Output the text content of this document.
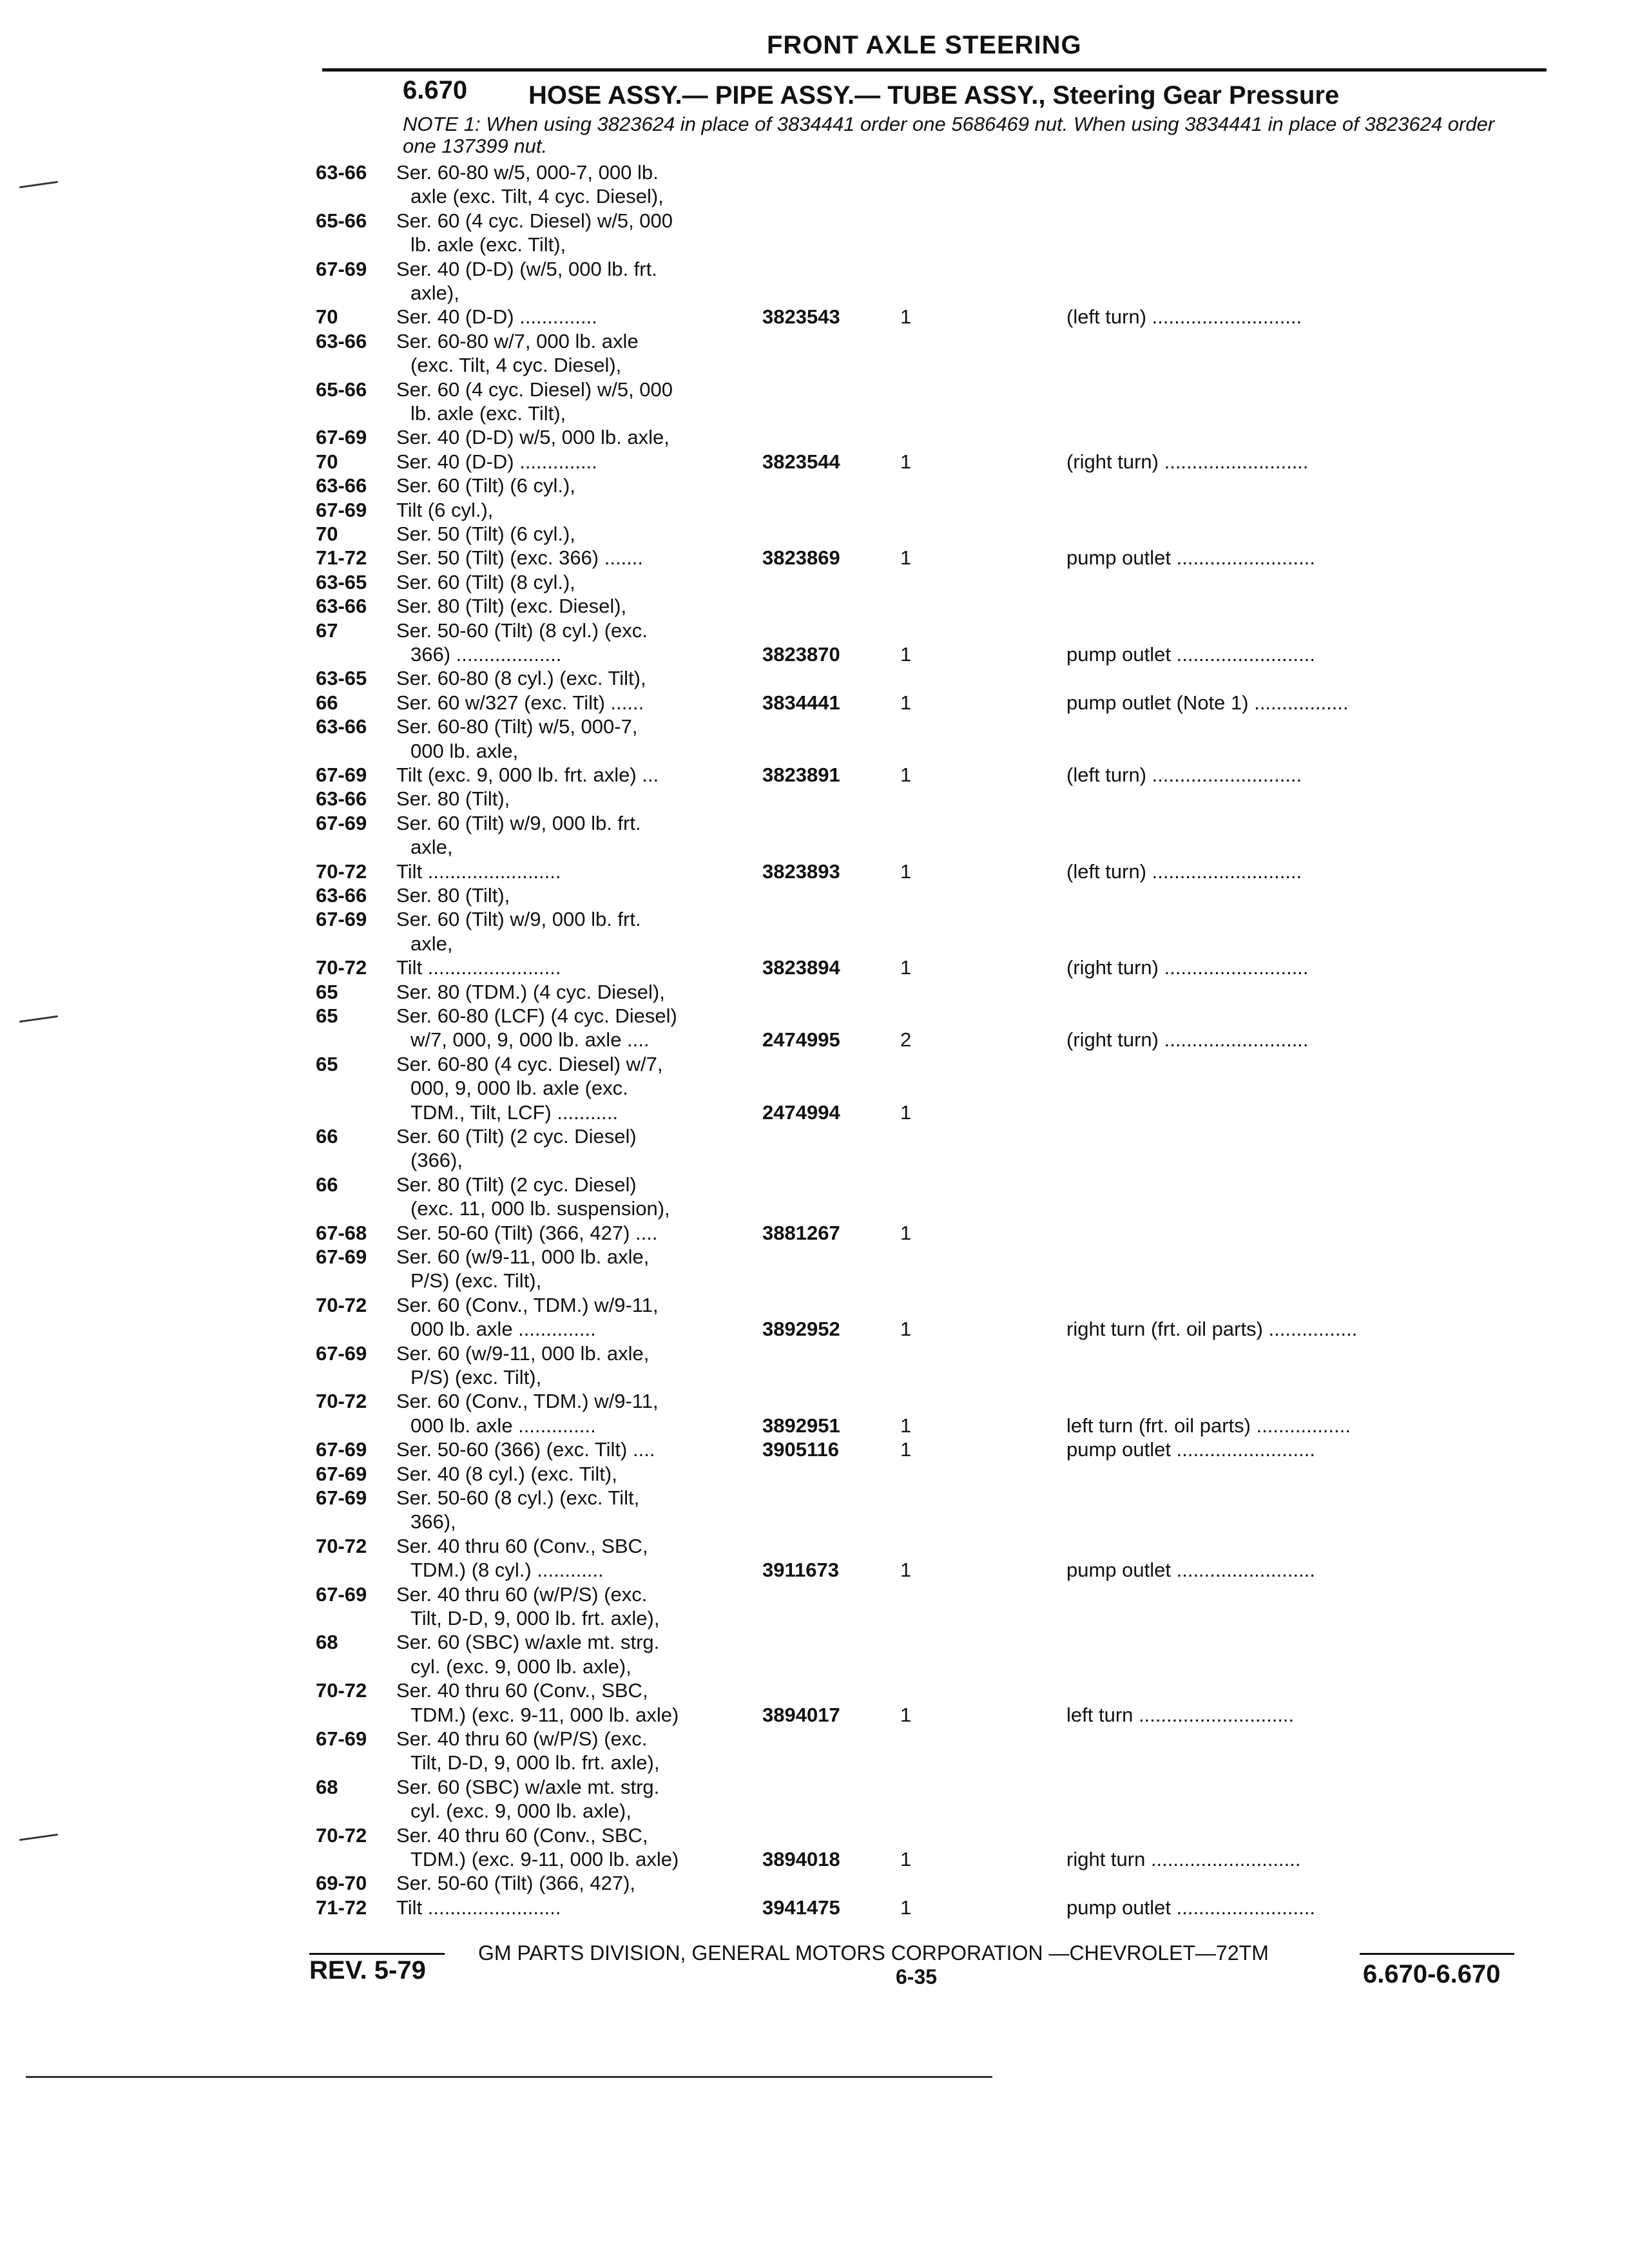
FRONT AXLE STEERING
6.670 HOSE ASSY.— PIPE ASSY.— TUBE ASSY., Steering Gear Pressure
NOTE 1: When using 3823624 in place of 3834441 order one 5686469 nut. When using 3834441 in place of 3823624 order one 137399 nut.
63-66 Ser. 60-80 w/5, 000-7, 000 lb.
axle (exc. Tilt, 4 cyc. Diesel),
65-66 Ser. 60 (4 cyc. Diesel) w/5, 000
lb. axle (exc. Tilt),
67-69 Ser. 40 (D-D) (w/5, 000 lb. frt.
axle),
70	Ser. 40 (D-D) ..............	3823543	1	(left turn) ...........................
63-66 Ser. 60-80 w/7, 000 lb. axle
(exc. Tilt, 4 cyc. Diesel),
65-66 Ser. 60 (4 cyc. Diesel) w/5, 000
lb. axle (exc. Tilt),
67-69 Ser. 40 (D-D) w/5, 000 lb. axle,
70	Ser. 40 (D-D) ..............	3823544	1	(right turn) ..........................
63-66 Ser. 60 (Tilt) (6 cyl.),
67-69 Tilt (6 cyl.),
70	Ser. 50 (Tilt) (6 cyl.),
71-72 Ser. 50 (Tilt) (exc. 366) .......	3823869	1	pump outlet .........................
63-65 Ser. 60 (Tilt) (8 cyl.),
63-66 Ser. 80 (Tilt) (exc. Diesel),
67	Ser. 50-60 (Tilt) (8 cyl.) (exc.
366) ...................	3823870	1	pump outlet .........................
63-65 Ser. 60-80 (8 cyl.) (exc. Tilt),
66	Ser. 60 w/327 (exc. Tilt) ......	3834441	1	pump outlet (Note 1) .................
63-66 Ser. 60-80 (Tilt) w/5, 000-7,
000 lb. axle,
67-69 Tilt (exc. 9, 000 lb. frt. axle) ...	3823891	1	(left turn) ...........................
63-66 Ser. 80 (Tilt),
67-69 Ser. 60 (Tilt) w/9, 000 lb. frt.
axle,
70-72 Tilt ........................	3823893	1	(left turn) ...........................
63-66 Ser. 80 (Tilt),
67-69 Ser. 60 (Tilt) w/9, 000 lb. frt.
axle,
70-72 Tilt ........................	3823894	1	(right turn) ..........................
65	Ser. 80 (TDM.) (4 cyc. Diesel),
65	Ser. 60-80 (LCF) (4 cyc. Diesel)
w/7, 000, 9, 000 lb. axle ....	2474995	2	(right turn) ..........................
65	Ser. 60-80 (4 cyc. Diesel) w/7,
000, 9, 000 lb. axle (exc.
TDM., Tilt, LCF) ...........	2474994	1
66	Ser. 60 (Tilt) (2 cyc. Diesel)
(366),
66	Ser. 80 (Tilt) (2 cyc. Diesel)
(exc. 11, 000 lb. suspension),
67-68 Ser. 50-60 (Tilt) (366, 427) ....	3881267	1
67-69 Ser. 60 (w/9-11, 000 lb. axle,
P/S) (exc. Tilt),
70-72 Ser. 60 (Conv., TDM.) w/9-11,
000 lb. axle ..............	3892952	1	right turn (frt. oil parts) ................
67-69 Ser. 60 (w/9-11, 000 lb. axle,
P/S) (exc. Tilt),
70-72 Ser. 60 (Conv., TDM.) w/9-11,
000 lb. axle ..............	3892951	1	left turn (frt. oil parts) .................
67-69 Ser. 50-60 (366) (exc. Tilt) ....	3905116	1	pump outlet .........................
67-69 Ser. 40 (8 cyl.) (exc. Tilt),
67-69 Ser. 50-60 (8 cyl.) (exc. Tilt,
366),
70-72 Ser. 40 thru 60 (Conv., SBC,
TDM.) (8 cyl.) ............	3911673	1	pump outlet .........................
67-69 Ser. 40 thru 60 (w/P/S) (exc.
Tilt, D-D, 9, 000 lb. frt. axle),
68	Ser. 60 (SBC) w/axle mt. strg.
cyl. (exc. 9, 000 lb. axle),
70-72 Ser. 40 thru 60 (Conv., SBC,
TDM.) (exc. 9-11, 000 lb. axle)	3894017	1	left turn ............................
67-69 Ser. 40 thru 60 (w/P/S) (exc.
Tilt, D-D, 9, 000 lb. frt. axle),
68	Ser. 60 (SBC) w/axle mt. strg.
cyl. (exc. 9, 000 lb. axle),
70-72 Ser. 40 thru 60 (Conv., SBC,
TDM.) (exc. 9-11, 000 lb. axle)	3894018	1	right turn ...........................
69-70 Ser. 50-60 (Tilt) (366, 427),
71-72 Tilt ........................	3941475	1	pump outlet .........................
GM PARTS DIVISION, GENERAL MOTORS CORPORATION —CHEVROLET—72TM
REV. 5-79	6-35	6.670-6.670
